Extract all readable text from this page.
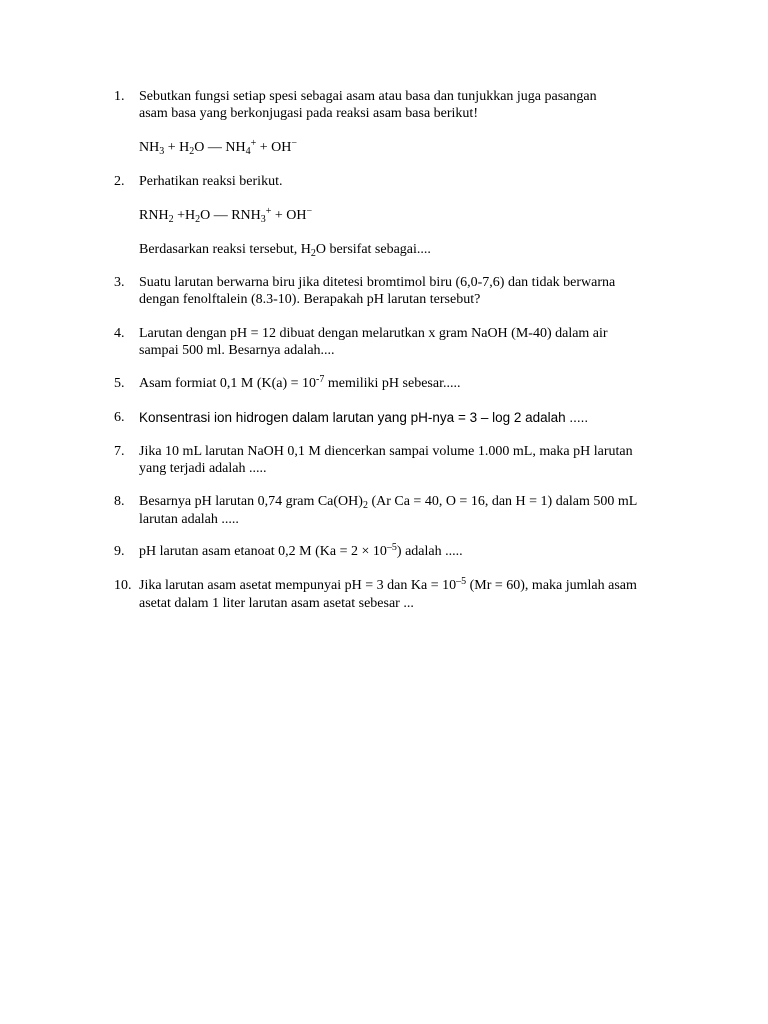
1.	Sebutkan fungsi setiap spesi sebagai asam atau basa dan tunjukkan juga pasangan
asam basa yang berkonjugasi pada reaksi asam basa berikut!
$NH_3 + H_2O$ — $NH_4^+ + OH^-$
2.	Perhatikan reaksi berikut.
$RNH_2 +H_2O$ — $RNH_3^+ + OH^-$
Berdasarkan reaksi tersebut, $H_2O$ bersifat sebagai....
3.	Suatu larutan berwarna biru jika ditetesi bromtimol biru (6,0-7,6) dan tidak berwarna
dengan fenolftalein (8.3-10). Berapakah pH larutan tersebut?
4.	Larutan dengan pH = 12 dibuat dengan melarutkan x gram NaOH (M-40) dalam air
sampai 500 ml. Besarnya adalah....
5.	Asam formiat 0,1 M ($K(a) = 10^{-7}$ memiliki pH sebesar.....
6.	Konsentrasi ion hidrogen dalam larutan yang pH-nya = 3 – log 2 adalah .....
7.	Jika 10 mL larutan NaOH 0,1 M diencerkan sampai volume 1.000 mL, maka pH larutan
yang terjadi adalah .....
8.	Besarnya pH larutan 0,74 gram $Ca(OH)_2$ (Ar Ca = 40, O = 16, dan H = 1) dalam 500 mL
larutan adalah .....
9.	pH larutan asam etanoat 0,2 M $(Ka = 2 \times 10^{-5})$ adalah .....
10. Jika larutan asam asetat mempunyai pH = 3 dan $Ka = 10^{-5}$ (Mr = 60), maka jumlah asam
asetat dalam 1 liter larutan asam asetat sebesar ...
